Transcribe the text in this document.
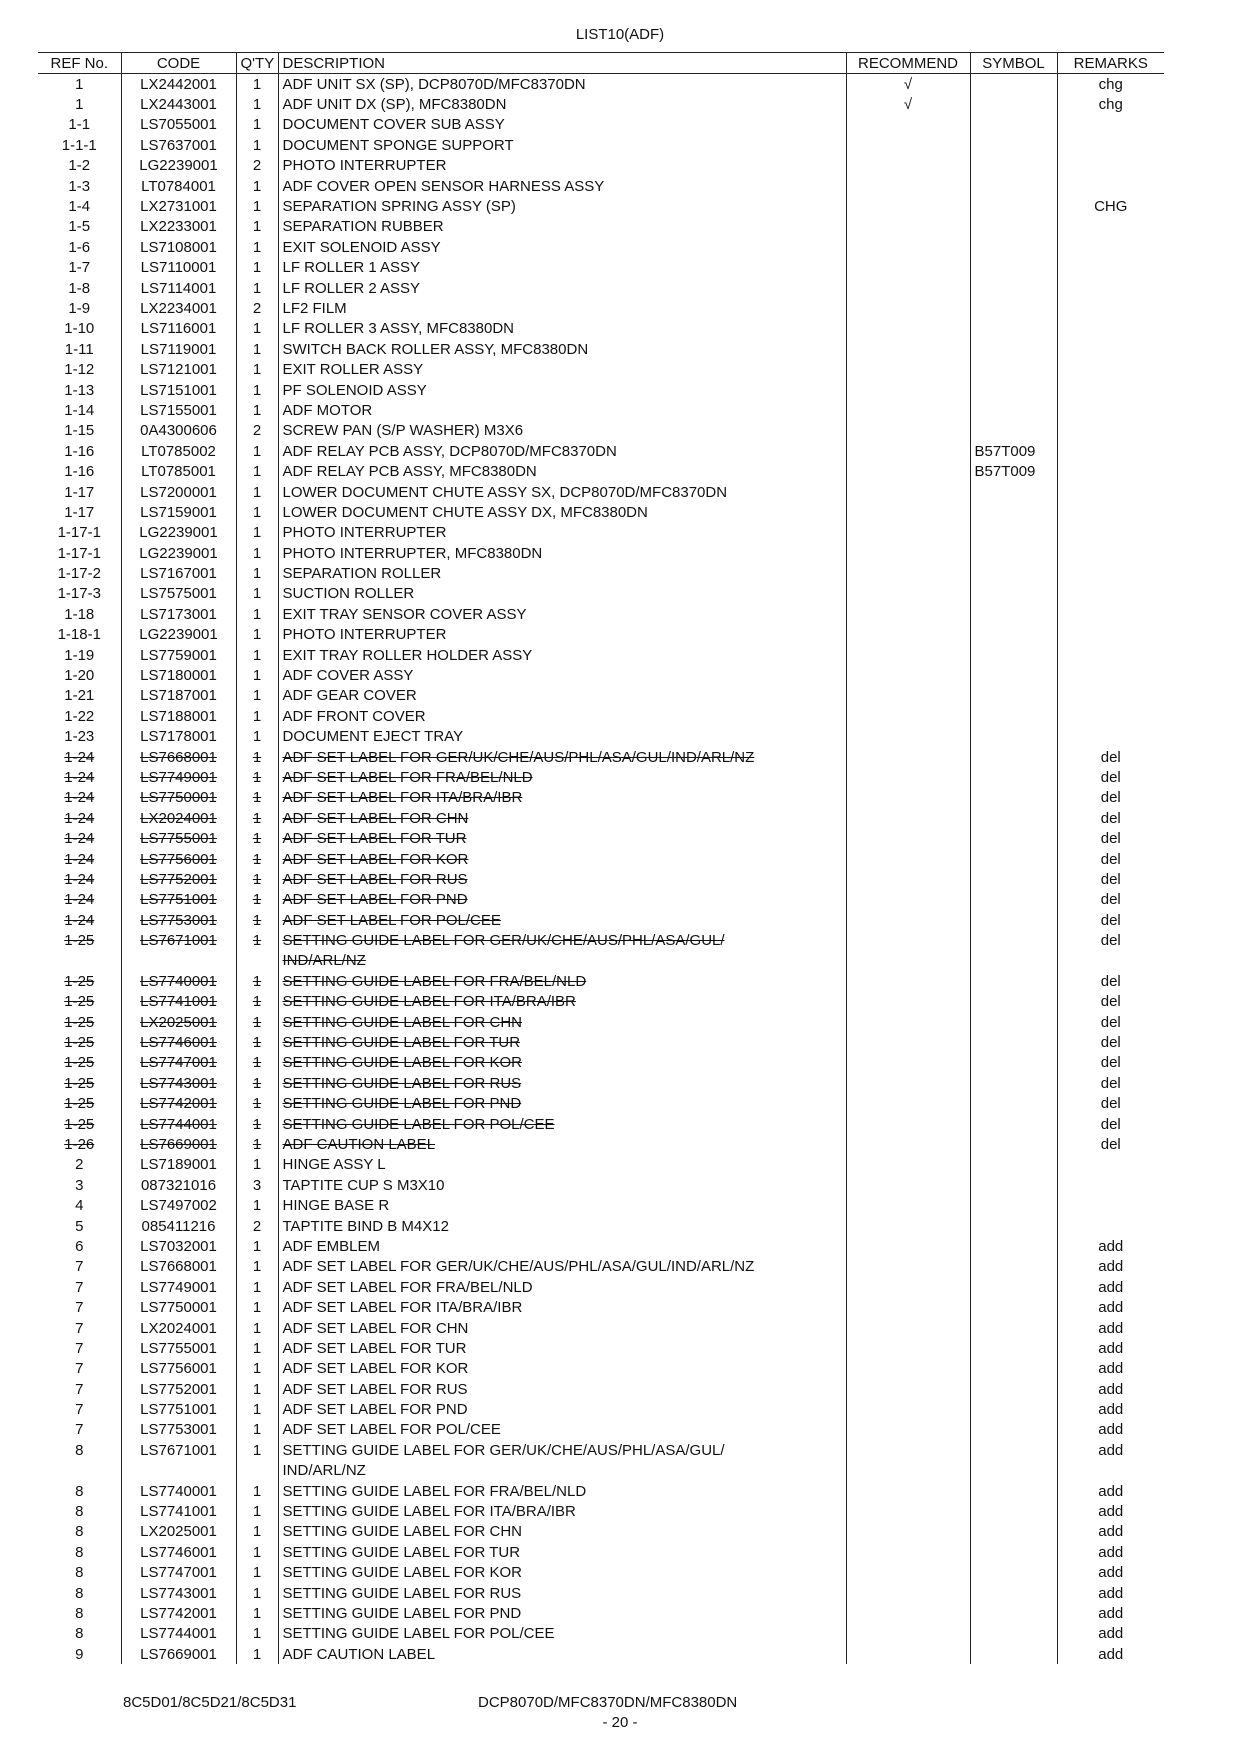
LIST10(ADF)
REF No.	CODE	Q'TY	DESCRIPTION	RECOMMEND	SYMBOL	REMARKS
1	LX2442001	1	ADF UNIT SX (SP), DCP8070D/MFC8370DN	√		chg
1	LX2443001	1	ADF UNIT DX (SP), MFC8380DN	√		chg
1-1	LS7055001	1	DOCUMENT COVER SUB ASSY			
1-1-1	LS7637001	1	DOCUMENT SPONGE SUPPORT			
1-2	LG2239001	2	PHOTO INTERRUPTER			
1-3	LT0784001	1	ADF COVER OPEN SENSOR HARNESS ASSY			
1-4	LX2731001	1	SEPARATION SPRING ASSY (SP)			CHG
1-5	LX2233001	1	SEPARATION RUBBER			
1-6	LS7108001	1	EXIT SOLENOID ASSY			
1-7	LS7110001	1	LF ROLLER 1 ASSY			
1-8	LS7114001	1	LF ROLLER 2 ASSY			
1-9	LX2234001	2	LF2 FILM			
1-10	LS7116001	1	LF ROLLER 3 ASSY, MFC8380DN			
1-11	LS7119001	1	SWITCH BACK ROLLER ASSY, MFC8380DN			
1-12	LS7121001	1	EXIT ROLLER ASSY			
1-13	LS7151001	1	PF SOLENOID ASSY			
1-14	LS7155001	1	ADF MOTOR			
1-15	0A4300606	2	SCREW PAN (S/P WASHER) M3X6			
1-16	LT0785002	1	ADF RELAY PCB ASSY, DCP8070D/MFC8370DN		B57T009	
1-16	LT0785001	1	ADF RELAY PCB ASSY, MFC8380DN		B57T009	
1-17	LS7200001	1	LOWER DOCUMENT CHUTE ASSY SX, DCP8070D/MFC8370DN			
1-17	LS7159001	1	LOWER DOCUMENT CHUTE ASSY DX, MFC8380DN			
1-17-1	LG2239001	1	PHOTO INTERRUPTER			
1-17-1	LG2239001	1	PHOTO INTERRUPTER, MFC8380DN			
1-17-2	LS7167001	1	SEPARATION ROLLER			
1-17-3	LS7575001	1	SUCTION ROLLER			
1-18	LS7173001	1	EXIT TRAY SENSOR COVER ASSY			
1-18-1	LG2239001	1	PHOTO INTERRUPTER			
1-19	LS7759001	1	EXIT TRAY ROLLER HOLDER ASSY			
1-20	LS7180001	1	ADF COVER ASSY			
1-21	LS7187001	1	ADF GEAR COVER			
1-22	LS7188001	1	ADF FRONT COVER			
1-23	LS7178001	1	DOCUMENT EJECT TRAY			
1-24	LS7668001	1	ADF SET LABEL FOR GER/UK/CHE/AUS/PHL/ASA/GUL/IND/ARL/NZ			del
1-24	LS7749001	1	ADF SET LABEL FOR FRA/BEL/NLD			del
1-24	LS7750001	1	ADF SET LABEL FOR ITA/BRA/IBR			del
1-24	LX2024001	1	ADF SET LABEL FOR CHN			del
1-24	LS7755001	1	ADF SET LABEL FOR TUR			del
1-24	LS7756001	1	ADF SET LABEL FOR KOR			del
1-24	LS7752001	1	ADF SET LABEL FOR RUS			del
1-24	LS7751001	1	ADF SET LABEL FOR PND			del
1-24	LS7753001	1	ADF SET LABEL FOR POL/CEE			del
1-25	LS7671001	1	SETTING GUIDE LABEL FOR GER/UK/CHE/AUS/PHL/ASA/GUL/			del
			IND/ARL/NZ			
1-25	LS7740001	1	SETTING GUIDE LABEL FOR FRA/BEL/NLD			del
1-25	LS7741001	1	SETTING GUIDE LABEL FOR ITA/BRA/IBR			del
1-25	LX2025001	1	SETTING GUIDE LABEL FOR CHN			del
1-25	LS7746001	1	SETTING GUIDE LABEL FOR TUR			del
1-25	LS7747001	1	SETTING GUIDE LABEL FOR KOR			del
1-25	LS7743001	1	SETTING GUIDE LABEL FOR RUS			del
1-25	LS7742001	1	SETTING GUIDE LABEL FOR PND			del
1-25	LS7744001	1	SETTING GUIDE LABEL FOR POL/CEE			del
1-26	LS7669001	1	ADF CAUTION LABEL			del
2	LS7189001	1	HINGE ASSY L			
3	087321016	3	TAPTITE CUP S M3X10			
4	LS7497002	1	HINGE BASE R			
5	085411216	2	TAPTITE BIND B M4X12			
6	LS7032001	1	ADF EMBLEM			add
7	LS7668001	1	ADF SET LABEL FOR GER/UK/CHE/AUS/PHL/ASA/GUL/IND/ARL/NZ			add
7	LS7749001	1	ADF SET LABEL FOR FRA/BEL/NLD			add
7	LS7750001	1	ADF SET LABEL FOR ITA/BRA/IBR			add
7	LX2024001	1	ADF SET LABEL FOR CHN			add
7	LS7755001	1	ADF SET LABEL FOR TUR			add
7	LS7756001	1	ADF SET LABEL FOR KOR			add
7	LS7752001	1	ADF SET LABEL FOR RUS			add
7	LS7751001	1	ADF SET LABEL FOR PND			add
7	LS7753001	1	ADF SET LABEL FOR POL/CEE			add
8	LS7671001	1	SETTING GUIDE LABEL FOR GER/UK/CHE/AUS/PHL/ASA/GUL/			add
			IND/ARL/NZ			
8	LS7740001	1	SETTING GUIDE LABEL FOR FRA/BEL/NLD			add
8	LS7741001	1	SETTING GUIDE LABEL FOR ITA/BRA/IBR			add
8	LX2025001	1	SETTING GUIDE LABEL FOR CHN			add
8	LS7746001	1	SETTING GUIDE LABEL FOR TUR			add
8	LS7747001	1	SETTING GUIDE LABEL FOR KOR			add
8	LS7743001	1	SETTING GUIDE LABEL FOR RUS			add
8	LS7742001	1	SETTING GUIDE LABEL FOR PND			add
8	LS7744001	1	SETTING GUIDE LABEL FOR POL/CEE			add
9	LS7669001	1	ADF CAUTION LABEL			add
8C5D01/8C5D21/8C5D31	DCP8070D/MFC8370DN/MFC8380DN
- 20 -
